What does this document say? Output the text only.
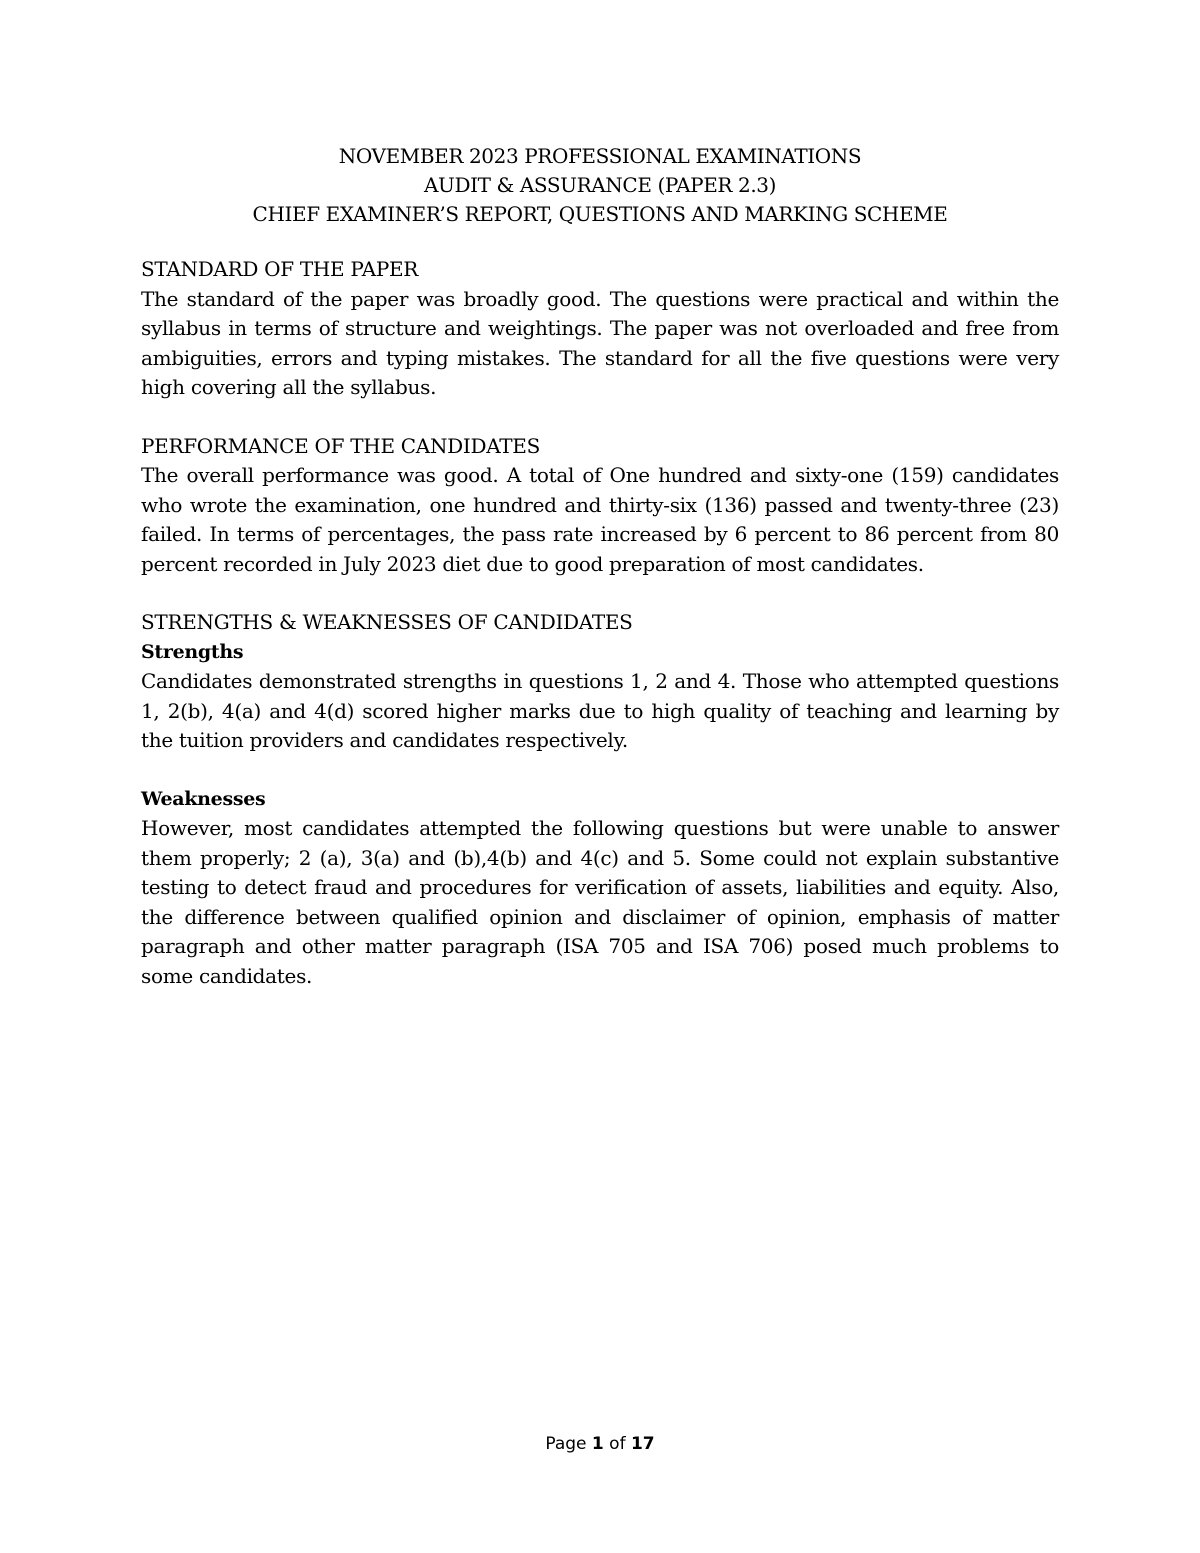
NOVEMBER 2023 PROFESSIONAL EXAMINATIONS
AUDIT & ASSURANCE (PAPER 2.3)
CHIEF EXAMINER’S REPORT, QUESTIONS AND MARKING SCHEME
STANDARD OF THE PAPER

The standard of the paper was broadly good. The questions were practical and within the syllabus in terms of structure and weightings. The paper was not overloaded and free from ambiguities, errors and typing mistakes. The standard for all the five questions were very high covering all the syllabus.

PERFORMANCE OF THE CANDIDATES

The overall performance was good. A total of One hundred and sixty-one (159) candidates who wrote the examination, one hundred and thirty-six (136) passed and twenty-three (23) failed. In terms of percentages, the pass rate increased by 6 percent to 86 percent from 80 percent recorded in July 2023 diet due to good preparation of most candidates.

STRENGTHS & WEAKNESSES OF CANDIDATES
Strengths

Candidates demonstrated strengths in questions 1, 2 and 4. Those who attempted questions 1, 2(b), 4(a) and 4(d) scored higher marks due to high quality of teaching and learning by the tuition providers and candidates respectively.

Weaknesses

However, most candidates attempted the following questions but were unable to answer them properly; 2 (a), 3(a) and (b),4(b) and 4(c) and 5. Some could not explain substantive testing to detect fraud and procedures for verification of assets, liabilities and equity. Also, the difference between qualified opinion and disclaimer of opinion, emphasis of matter paragraph and other matter paragraph (ISA 705 and ISA 706) posed much problems to some candidates.

Page 1 of 17
